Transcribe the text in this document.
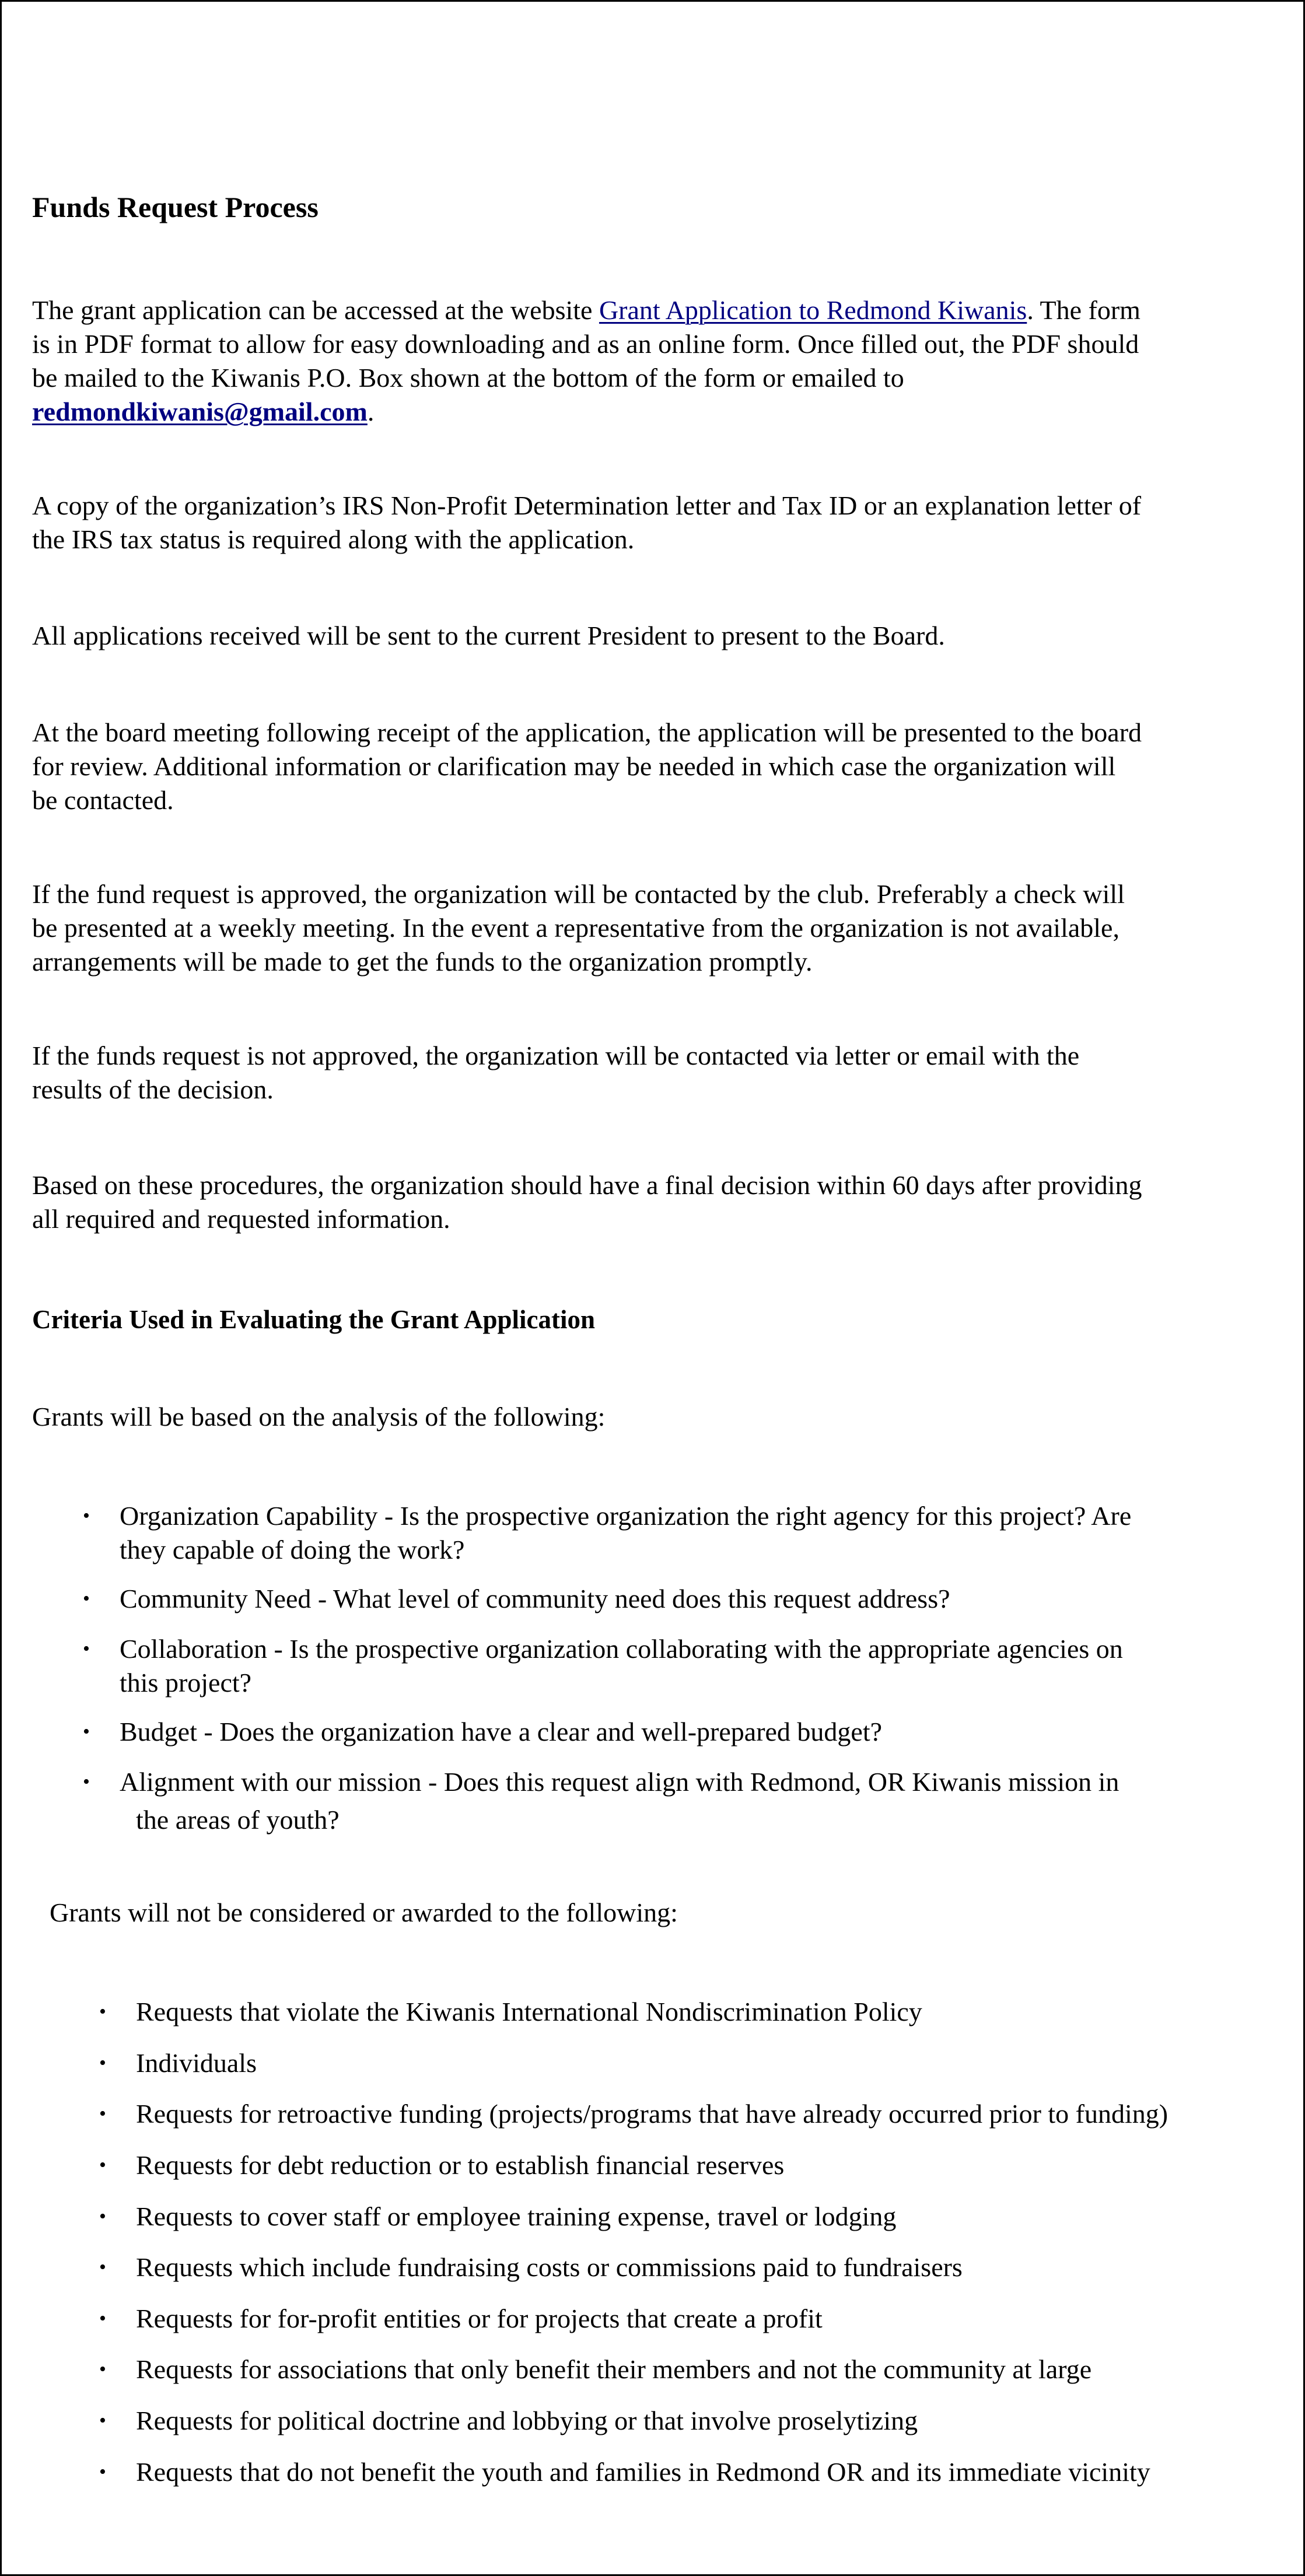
Funds Request Process

The grant application can be accessed at the website Grant Application to Redmond Kiwanis. The form
is in PDF format to allow for easy downloading and as an online form. Once filled out, the PDF should
be mailed to the Kiwanis P.O. Box shown at the bottom of the form or emailed to
redmondkiwanis@gmail.com.

A copy of the organization’s IRS Non-Profit Determination letter and Tax ID or an explanation letter of
the IRS tax status is required along with the application.

All applications received will be sent to the current President to present to the Board.

At the board meeting following receipt of the application, the application will be presented to the board
for review. Additional information or clarification may be needed in which case the organization will
be contacted.

If the fund request is approved, the organization will be contacted by the club. Preferably a check will
be presented at a weekly meeting. In the event a representative from the organization is not available,
arrangements will be made to get the funds to the organization promptly.

If the funds request is not approved, the organization will be contacted via letter or email with the
results of the decision.

Based on these procedures, the organization should have a final decision within 60 days after providing
all required and requested information.

Criteria Used in Evaluating the Grant Application

Grants will be based on the analysis of the following:

• Organization Capability - Is the prospective organization the right agency for this project? Are
they capable of doing the work?
• Community Need - What level of community need does this request address?
• Collaboration - Is the prospective organization collaborating with the appropriate agencies on
this project?
• Budget - Does the organization have a clear and well-prepared budget?
• Alignment with our mission - Does this request align with Redmond, OR Kiwanis mission in
the areas of youth?

Grants will not be considered or awarded to the following:

• Requests that violate the Kiwanis International Nondiscrimination Policy
• Individuals
• Requests for retroactive funding (projects/programs that have already occurred prior to funding)
• Requests for debt reduction or to establish financial reserves
• Requests to cover staff or employee training expense, travel or lodging
• Requests which include fundraising costs or commissions paid to fundraisers
• Requests for for-profit entities or for projects that create a profit
• Requests for associations that only benefit their members and not the community at large
• Requests for political doctrine and lobbying or that involve proselytizing
• Requests that do not benefit the youth and families in Redmond OR and its immediate vicinity
